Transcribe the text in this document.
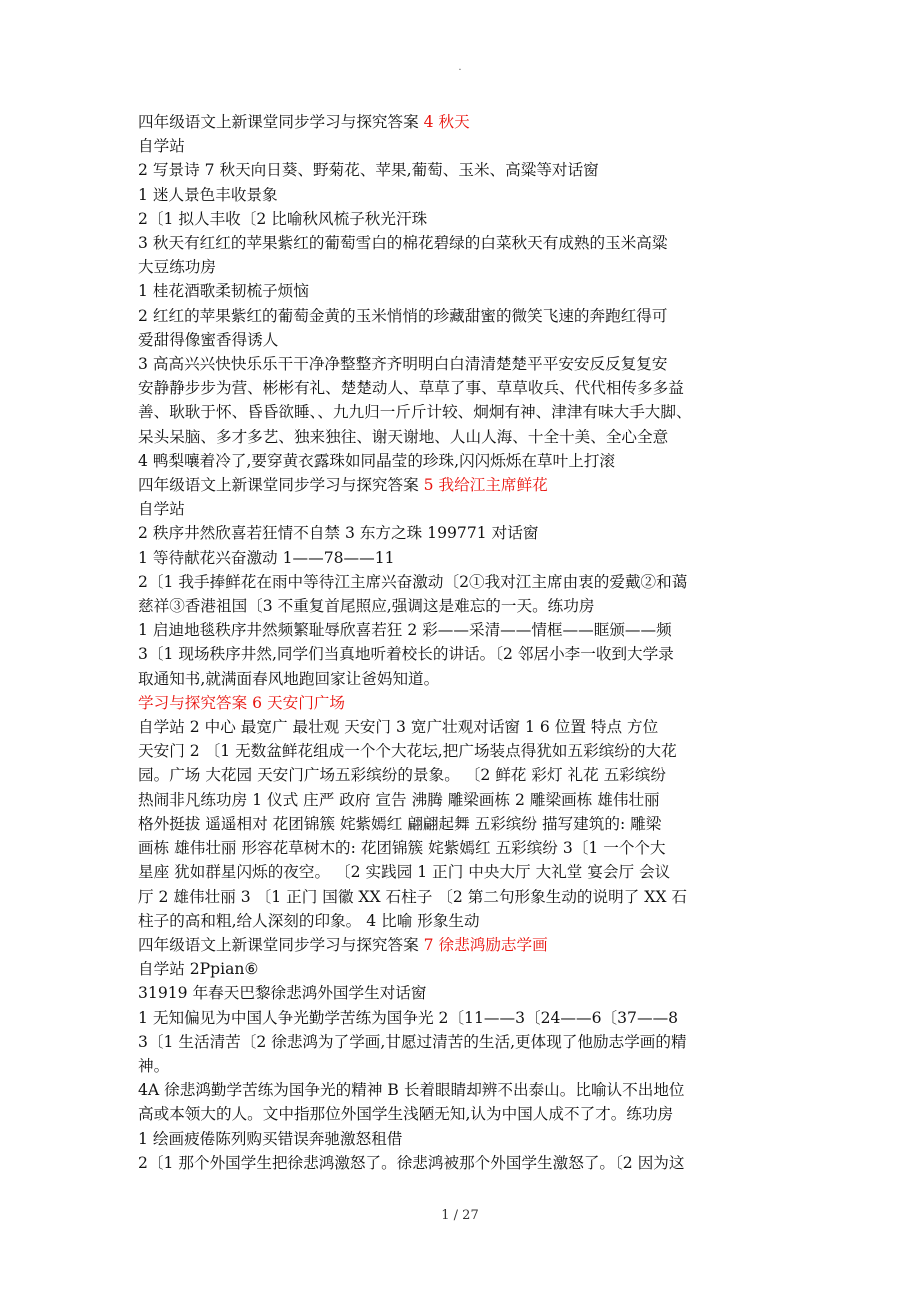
.
四年级语文上新课堂同步学习与探究答案 4 秋天
自学站
2 写景诗 7 秋天向日葵、野菊花、苹果,葡萄、玉米、高粱等对话窗
1 迷人景色丰收景象
2〔1 拟人丰收〔2 比喻秋风梳子秋光汗珠
3 秋天有红红的苹果紫红的葡萄雪白的棉花碧绿的白菜秋天有成熟的玉米高粱
大豆练功房
1 桂花酒歌柔韧梳子烦恼
2 红红的苹果紫红的葡萄金黄的玉米悄悄的珍藏甜蜜的微笑飞速的奔跑红得可
爱甜得像蜜香得诱人
3 高高兴兴快快乐乐干干净净整整齐齐明明白白清清楚楚平平安安反反复复安
安静静步步为营、彬彬有礼、楚楚动人、草草了事、草草收兵、代代相传多多益
善、耿耿于怀、昏昏欲睡、、九九归一斤斤计较、炯炯有神、津津有味大手大脚、
呆头呆脑、多才多艺、独来独往、谢天谢地、人山人海、十全十美、全心全意
4 鸭梨嚷着冷了,要穿黄衣露珠如同晶莹的珍珠,闪闪烁烁在草叶上打滚
四年级语文上新课堂同步学习与探究答案 5 我给江主席鲜花
自学站
2 秩序井然欣喜若狂情不自禁 3 东方之珠 199771 对话窗
1 等待献花兴奋激动 1——78——11
2〔1 我手捧鲜花在雨中等待江主席兴奋激动〔2①我对江主席由衷的爱戴②和蔼
慈祥③香港祖国〔3 不重复首尾照应,强调这是难忘的一天。练功房
1 启迪地毯秩序井然频繁耻辱欣喜若狂 2 彩——采清——情框——眶颁——频
3〔1 现场秩序井然,同学们当真地听着校长的讲话。〔2 邻居小李一收到大学录
取通知书,就满面春风地跑回家让爸妈知道。
学习与探究答案 6 天安门广场
自学站 2 中心 最宽广 最壮观 天安门 3 宽广壮观对话窗 1 6 位置 特点 方位
天安门 2 〔1 无数盆鲜花组成一个个大花坛,把广场装点得犹如五彩缤纷的大花
园。广场 大花园 天安门广场五彩缤纷的景象。 〔2 鲜花 彩灯 礼花 五彩缤纷
热闹非凡练功房 1 仪式 庄严 政府 宣告 沸腾 雕梁画栋 2 雕梁画栋 雄伟壮丽
格外挺拔 遥遥相对 花团锦簇 姹紫嫣红 翩翩起舞 五彩缤纷 描写建筑的: 雕梁
画栋 雄伟壮丽 形容花草树木的: 花团锦簇 姹紫嫣红 五彩缤纷 3〔1 一个个大
星座 犹如群星闪烁的夜空。 〔2 实践园 1 正门 中央大厅 大礼堂 宴会厅 会议
厅 2 雄伟壮丽 3 〔1 正门 国徽 XX 石柱子 〔2 第二句形象生动的说明了 XX 石
柱子的高和粗,给人深刻的印象。 4 比喻 形象生动
四年级语文上新课堂同步学习与探究答案 7 徐悲鸿励志学画
自学站 2Ppian⑥
31919 年春天巴黎徐悲鸿外国学生对话窗
1 无知偏见为中国人争光勤学苦练为国争光 2〔11——3〔24——6〔37——8
3〔1 生活清苦〔2 徐悲鸿为了学画,甘愿过清苦的生活,更体现了他励志学画的精
神。
4A 徐悲鸿勤学苦练为国争光的精神 B 长着眼睛却辨不出泰山。比喻认不出地位
高或本领大的人。文中指那位外国学生浅陋无知,认为中国人成不了才。练功房
1 绘画疲倦陈列购买错误奔驰激怒租借
2〔1 那个外国学生把徐悲鸿激怒了。徐悲鸿被那个外国学生激怒了。〔2 因为这
1 / 27
